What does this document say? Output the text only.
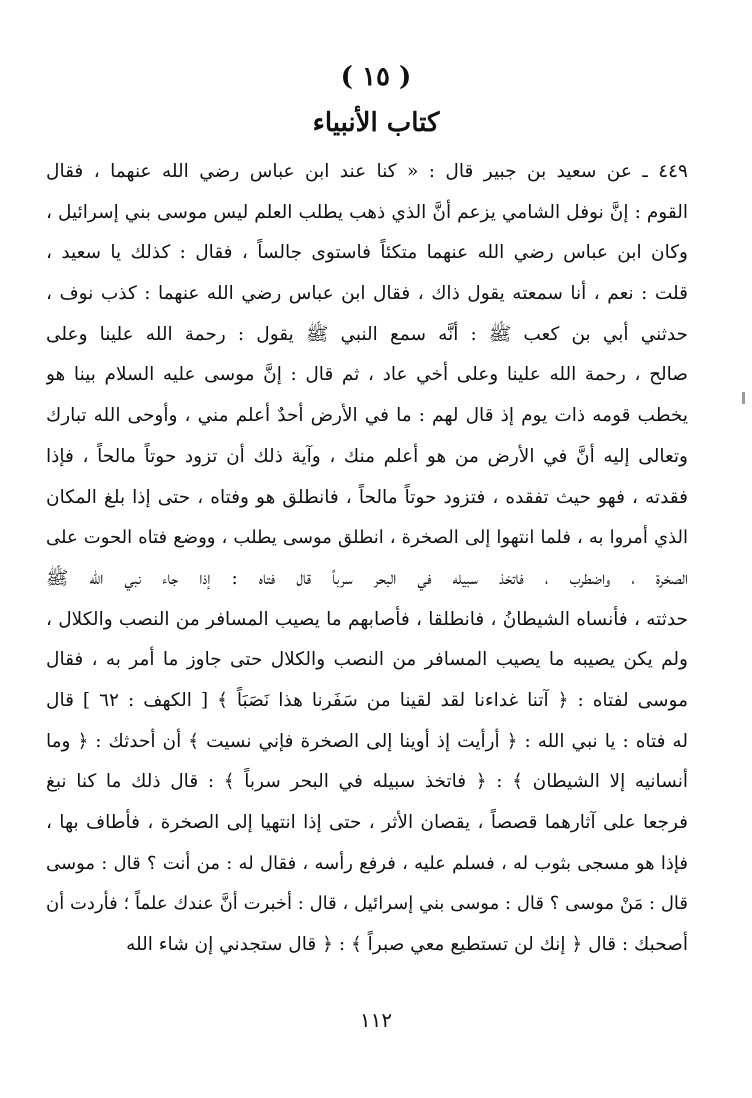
( ١٥ )
كتاب الأنبياء
٤٤٩ ـ عن سعيد بن جبير قال : « كنا عند ابن عباس رضي الله عنهما ، فقال
القوم : إنَّ نوفل الشامي يزعم أنَّ الذي ذهب يطلب العلم ليس موسى بني إسرائيل ،
وكان ابن عباس رضي الله عنهما متكئاً فاستوى جالساً ، فقال : كذلك يا سعيد ،
قلت : نعم ، أنا سمعته يقول ذاك ، فقال ابن عباس رضي الله عنهما : كذب نوف ،
حدثني أبي بن كعب ﷺ : أنَّه سمع النبي ﷺ يقول : رحمة الله علينا وعلى
صالح ، رحمة الله علينا وعلى أخي عاد ، ثم قال : إنَّ موسى عليه السلام بينا هو
يخطب قومه ذات يوم إذ قال لهم : ما في الأرض أحدٌ أعلم مني ، وأوحى الله تبارك
وتعالى إليه أنَّ في الأرض من هو أعلم منك ، وآية ذلك أن تزود حوتاً مالحاً ، فإذا
فقدته ، فهو حيث تفقده ، فتزود حوتاً مالحاً ، فانطلق هو وفتاه ، حتى إذا بلغ المكان
الذي أمروا به ، فلما انتهوا إلى الصخرة ، انطلق موسى يطلب ، ووضع فتاه الحوت على
الصخرة ، واضطرب ، فاتخذ سبيله في البحر سرباً قال فتاه : إذا جاء نبي الله ﷺ
حدثته ، فأنساه الشيطانُ ، فانطلقا ، فأصابهم ما يصيب المسافر من النصب والكلال ،
ولم يكن يصيبه ما يصيب المسافر من النصب والكلال حتى جاوز ما أمر به ، فقال
موسى لفتاه : ﴿ آتنا غداءنا لقد لقينا من سَفَرنا هذا نَصَبَاً ﴾ [ الكهف : ٦٢ ] قال
له فتاه : يا نبي الله : ﴿ أرأيت إذ أوينا إلى الصخرة فإني نسيت ﴾ أن أحدثك : ﴿ وما
أنسانيه إلا الشيطان ﴾ : ﴿ فاتخذ سبيله في البحر سرباً ﴾ : قال ذلك ما كنا نبغ
فرجعا على آثارهما قصصاً ، يقصان الأثر ، حتى إذا انتهيا إلى الصخرة ، فأطاف بها ،
فإذا هو مسجى بثوب له ، فسلم عليه ، فرفع رأسه ، فقال له : من أنت ؟ قال : موسى
قال : مَنْ موسى ؟ قال : موسى بني إسرائيل ، قال : أخبرت أنَّ عندك علماً ؛ فأردت أن
أصحبك : قال ﴿ إنك لن تستطيع معي صبراً ﴾ : ﴿ قال ستجدني إن شاء الله
١١٢
